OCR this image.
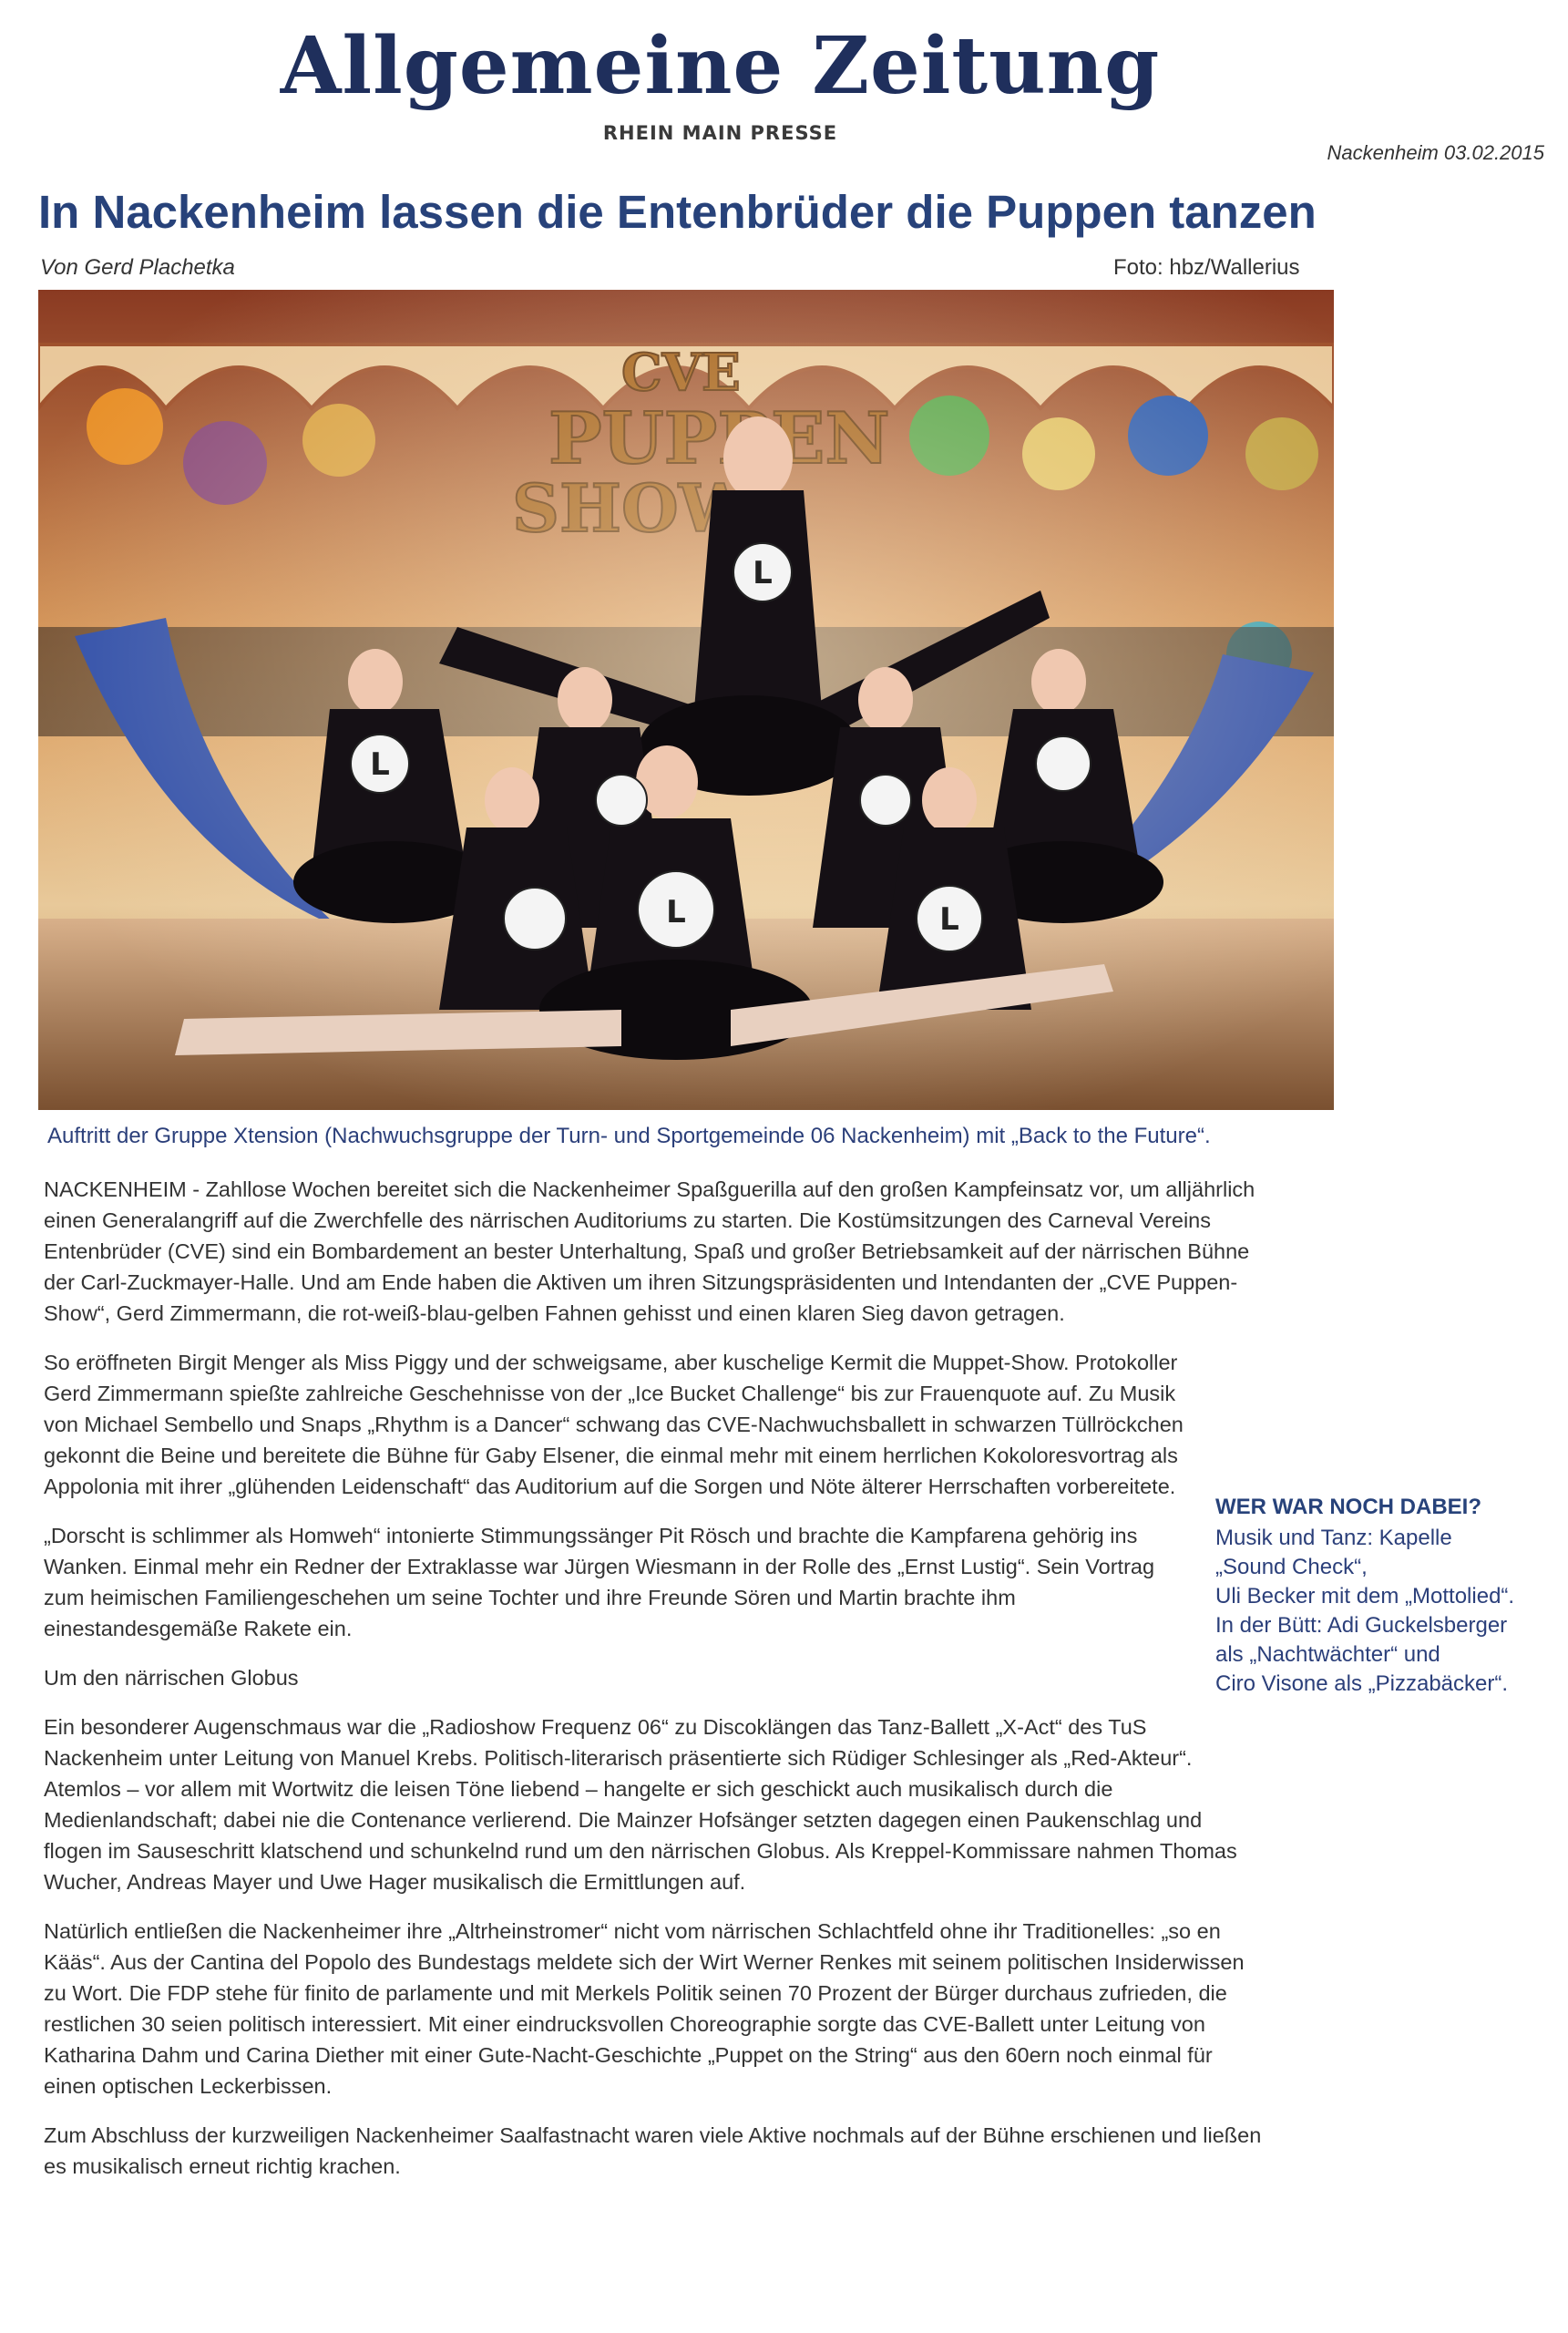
Allgemeine Zeitung
RHEIN MAIN PRESSE
Nackenheim 03.02.2015
In Nackenheim lassen die Entenbrüder die Puppen tanzen
Von Gerd Plachetka	Foto: hbz/Wallerius
L
L
L	L
Auftritt der Gruppe Xtension (Nachwuchsgruppe der Turn- und Sportgemeinde 06 Nackenheim) mit „Back to the Future“.

NACKENHEIM - Zahllose Wochen bereitet sich die Nackenheimer Spaßguerilla auf den großen Kampfeinsatz vor, um alljährlich einen Generalangriff auf die Zwerchfelle des närrischen Auditoriums zu starten. Die Kostümsitzungen des Carneval Vereins Entenbrüder (CVE) sind ein Bombardement an bester Unterhaltung, Spaß und großer Betriebsamkeit auf der närrischen Bühne der Carl-Zuckmayer-Halle. Und am Ende haben die Aktiven um ihren Sitzungspräsidenten und Intendanten der „CVE Puppen-Show“, Gerd Zimmermann, die rot-weiß-blau-gelben Fahnen gehisst und einen klaren Sieg davon getragen.

So eröffneten Birgit Menger als Miss Piggy und der schweigsame, aber kuschelige Kermit die Muppet-Show. Protokoller Gerd Zimmermann spießte zahlreiche Geschehnisse von der „Ice Bucket Challenge“ bis zur Frauenquote auf. Zu Musik von Michael Sembello und Snaps „Rhythm is a Dancer“ schwang das CVE-Nachwuchsballett in schwarzen Tüllröckchen gekonnt die Beine und bereitete die Bühne für Gaby Elsener, die einmal mehr mit einem herrlichen Kokoloresvortrag als Appolonia mit ihrer „glühenden Leidenschaft“ das Auditorium auf die Sorgen und Nöte älterer Herrschaften vorbereitete.

„Dorscht is schlimmer als Homweh“ intonierte Stimmungssänger Pit Rösch und brachte die Kampfarena gehörig ins Wanken. Einmal mehr ein Redner der Extraklasse war Jürgen Wiesmann in der Rolle des „Ernst Lustig“. Sein Vortrag zum heimischen Familiengeschehen um seine Tochter und ihre Freunde Sören und Martin brachte ihm einestandesgemäße Rakete ein.

Um den närrischen Globus

Ein besonderer Augenschmaus war die „Radioshow Frequenz 06“ zu Discoklängen das Tanz-Ballett „X-Act“ des TuS Nackenheim unter Leitung von Manuel Krebs. Politisch-literarisch präsentierte sich Rüdiger Schlesinger als „Red-Akteur“. Atemlos – vor allem mit Wortwitz die leisen Töne liebend – hangelte er sich geschickt auch musikalisch durch die Medienlandschaft; dabei nie die Contenance verlierend. Die Mainzer Hofsänger setzten dagegen einen Paukenschlag und flogen im Sauseschritt klatschend und schunkelnd rund um den närrischen Globus. Als Kreppel-Kommissare nahmen Thomas Wucher, Andreas Mayer und Uwe Hager musikalisch die Ermittlungen auf.

Natürlich entließen die Nackenheimer ihre „Altrheinstromer“ nicht vom närrischen Schlachtfeld ohne ihr Traditionelles: „so en Kääs“. Aus der Cantina del Popolo des Bundestags meldete sich der Wirt Werner Renkes mit seinem politischen Insiderwissen zu Wort. Die FDP stehe für finito de parlamente und mit Merkels Politik seinen 70 Prozent der Bürger durchaus zufrieden, die restlichen 30 seien politisch interessiert. Mit einer eindrucksvollen Choreographie sorgte das CVE-Ballett unter Leitung von Katharina Dahm und Carina Diether mit einer Gute-Nacht-Geschichte „Puppet on the String“ aus den 60ern noch einmal für einen optischen Leckerbissen.

Zum Abschluss der kurzweiligen Nackenheimer Saalfastnacht waren viele Aktive nochmals auf der Bühne erschienen und ließen es musikalisch erneut richtig krachen.

WER WAR NOCH DABEI?

Musik und Tanz: Kapelle

„Sound Check“,

Uli Becker mit dem „Mottolied“.

In der Bütt: Adi Guckelsberger

als „Nachtwächter“ und

Ciro Visone als „Pizzabäcker“.
